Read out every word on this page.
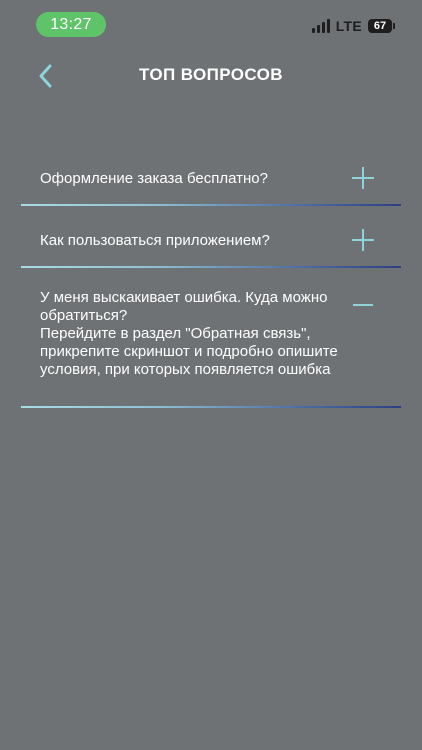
13:27	LTE	67
ТОП ВОПРОСОВ
Оформление заказа бесплатно?
Как пользоваться приложением?
У меня выскакивает ошибка. Куда можно обратиться?
Перейдите в раздел "Обратная связь", прикрепите скриншот и подробно опишите условия, при которых появляется ошибка
